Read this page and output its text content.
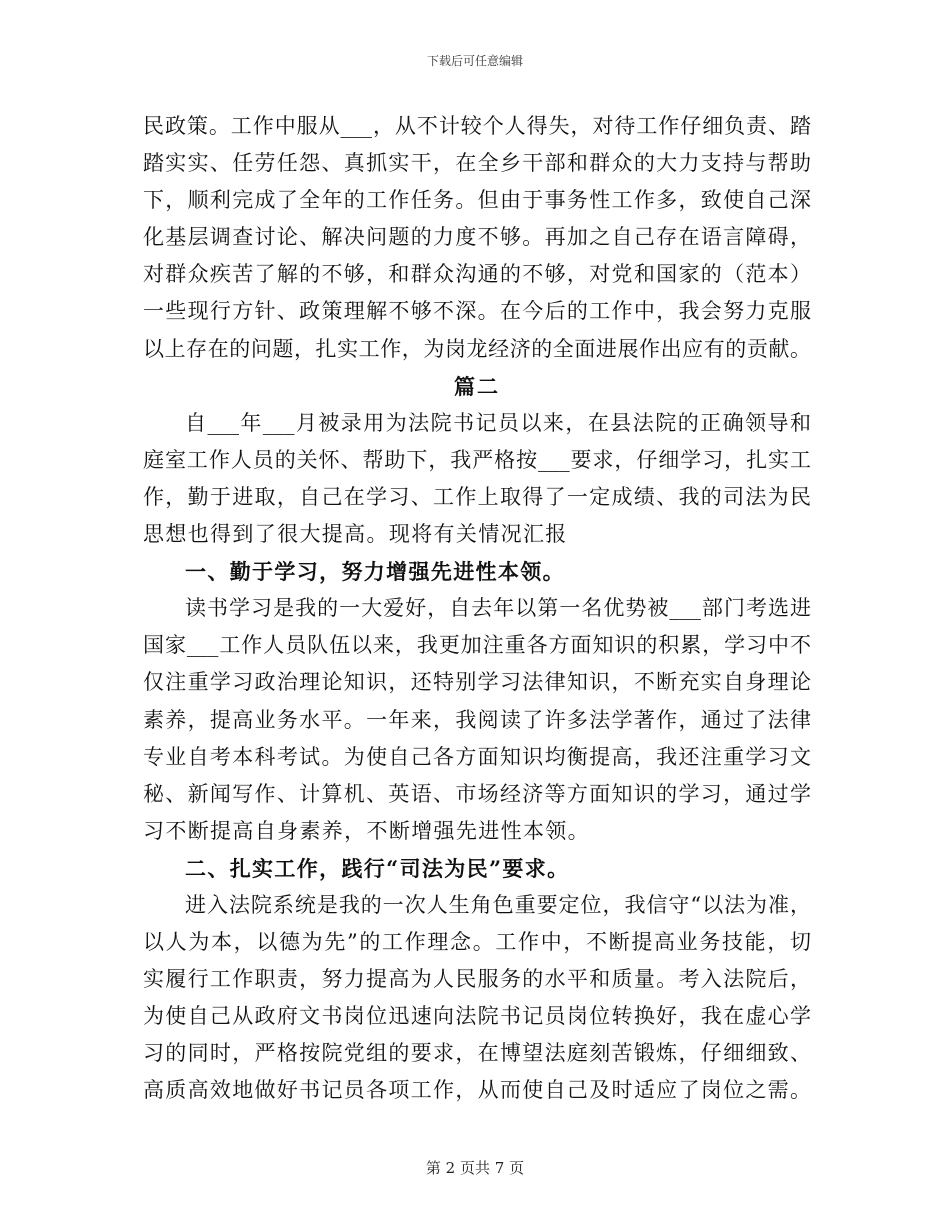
下载后可任意编辑
民政策。工作中服从___，从不计较个人得失，对待工作仔细负责、踏
踏实实、任劳任怨、真抓实干，在全乡干部和群众的大力支持与帮助
下，顺利完成了全年的工作任务。但由于事务性工作多，致使自己深
化基层调查讨论、解决问题的力度不够。再加之自己存在语言障碍，
对群众疾苦了解的不够，和群众沟通的不够，对党和国家的（范本）
一些现行方针、政策理解不够不深。在今后的工作中，我会努力克服
以上存在的问题，扎实工作，为岗龙经济的全面进展作出应有的贡献。
篇二
自___年___月被录用为法院书记员以来，在县法院的正确领导和
庭室工作人员的关怀、帮助下，我严格按___要求，仔细学习，扎实工
作，勤于进取，自己在学习、工作上取得了一定成绩、我的司法为民
思想也得到了很大提高。现将有关情况汇报
一、勤于学习，努力增强先进性本领。
读书学习是我的一大爱好，自去年以第一名优势被___部门考选进
国家___工作人员队伍以来，我更加注重各方面知识的积累，学习中不
仅注重学习政治理论知识，还特别学习法律知识，不断充实自身理论
素养，提高业务水平。一年来，我阅读了许多法学著作，通过了法律
专业自考本科考试。为使自己各方面知识均衡提高，我还注重学习文
秘、新闻写作、计算机、英语、市场经济等方面知识的学习，通过学
习不断提高自身素养，不断增强先进性本领。
二、扎实工作，践行“司法为民”要求。
进入法院系统是我的一次人生角色重要定位，我信守“以法为准，
以人为本，以德为先”的工作理念。工作中，不断提高业务技能，切
实履行工作职责，努力提高为人民服务的水平和质量。考入法院后，
为使自己从政府文书岗位迅速向法院书记员岗位转换好，我在虚心学
习的同时，严格按院党组的要求，在博望法庭刻苦锻炼，仔细细致、
高质高效地做好书记员各项工作，从而使自己及时适应了岗位之需。
第 2 页共 7 页
